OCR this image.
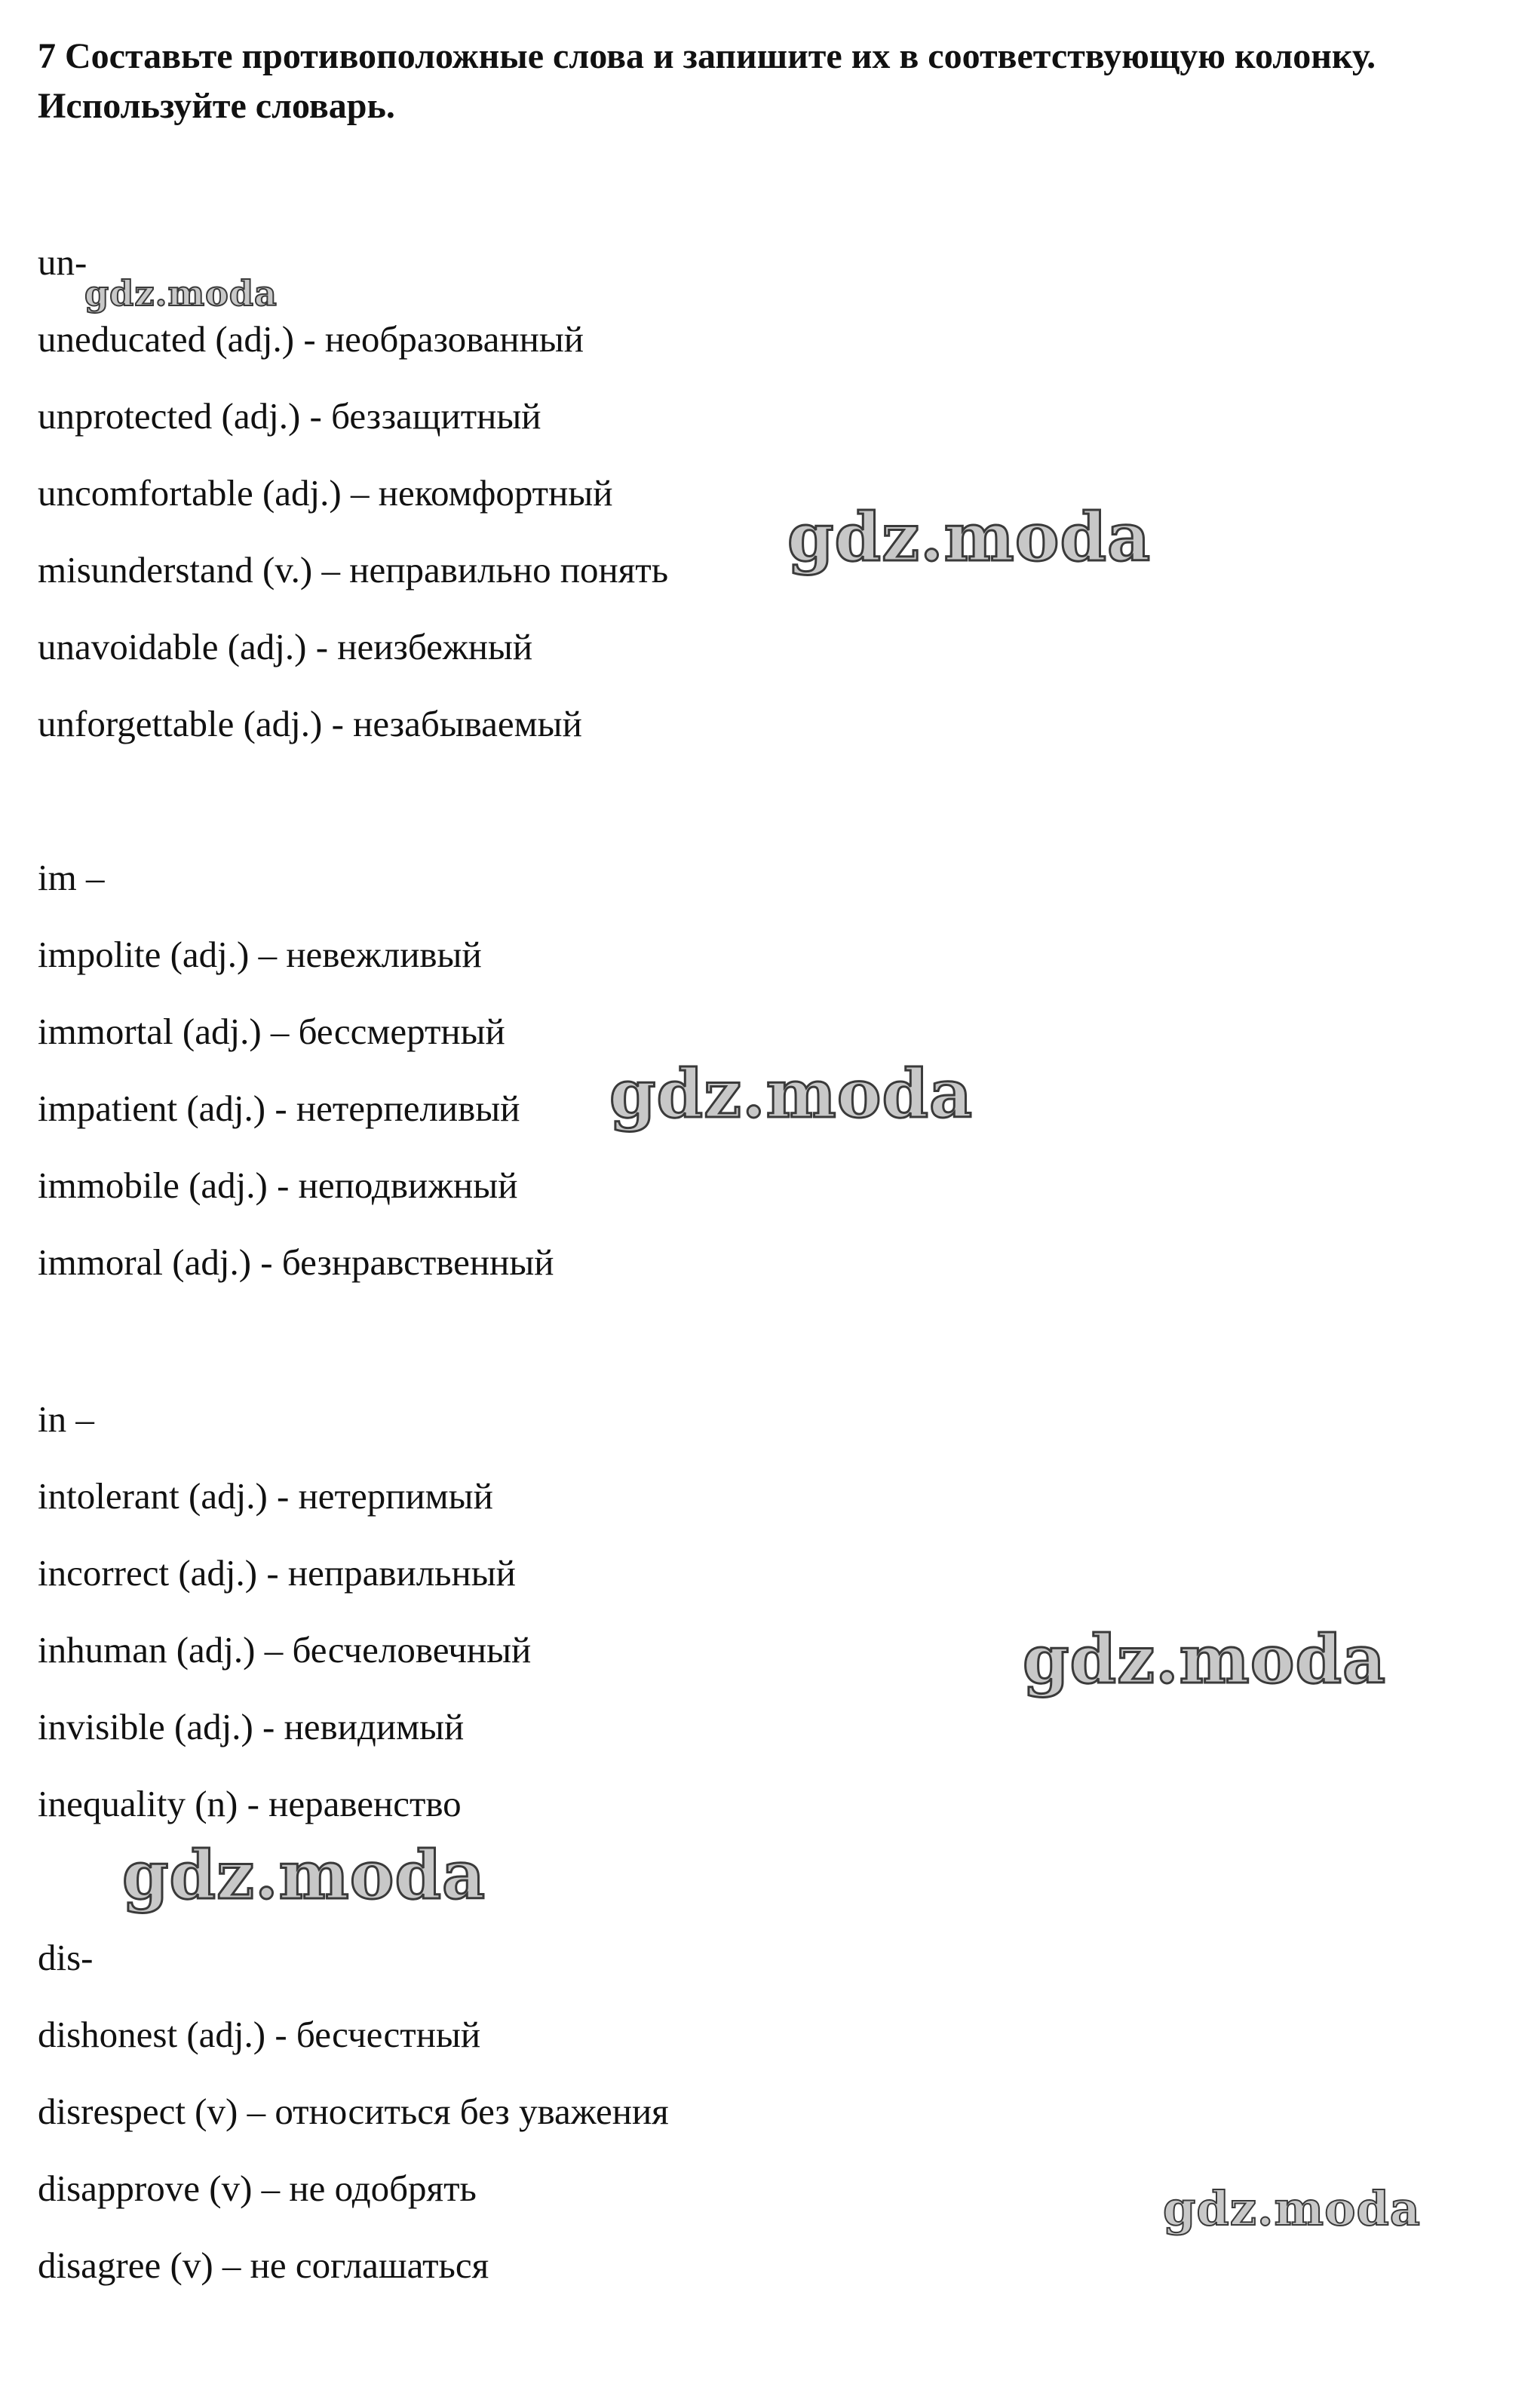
7 Составьте противоположные слова и запишите их в соответствующую колонку. Используйте словарь.

un-
uneducated (adj.) - необразованный
unprotected (adj.) - беззащитный
uncomfortable (adj.) – некомфортный
misunderstand (v.) – неправильно понять
unavoidable (adj.) - неизбежный
unforgettable (adj.) - незабываемый
im –
impolite (adj.) – невежливый
immortal (adj.) – бессмертный
impatient (adj.) - нетерпеливый
immobile (adj.) - неподвижный
immoral (adj.) - безнравственный
in –
intolerant (adj.) - нетерпимый
incorrect (adj.) - неправильный
inhuman (adj.) – бесчеловечный
invisible (adj.) - невидимый
inequality (n) - неравенство
dis-
dishonest (adj.) - бесчестный
disrespect (v) – относиться без уважения
disapprove (v) – не одобрять
disagree (v) – не соглашаться
gdz.moda
gdz.moda
gdz.moda
gdz.moda
gdz.moda
gdz.moda
